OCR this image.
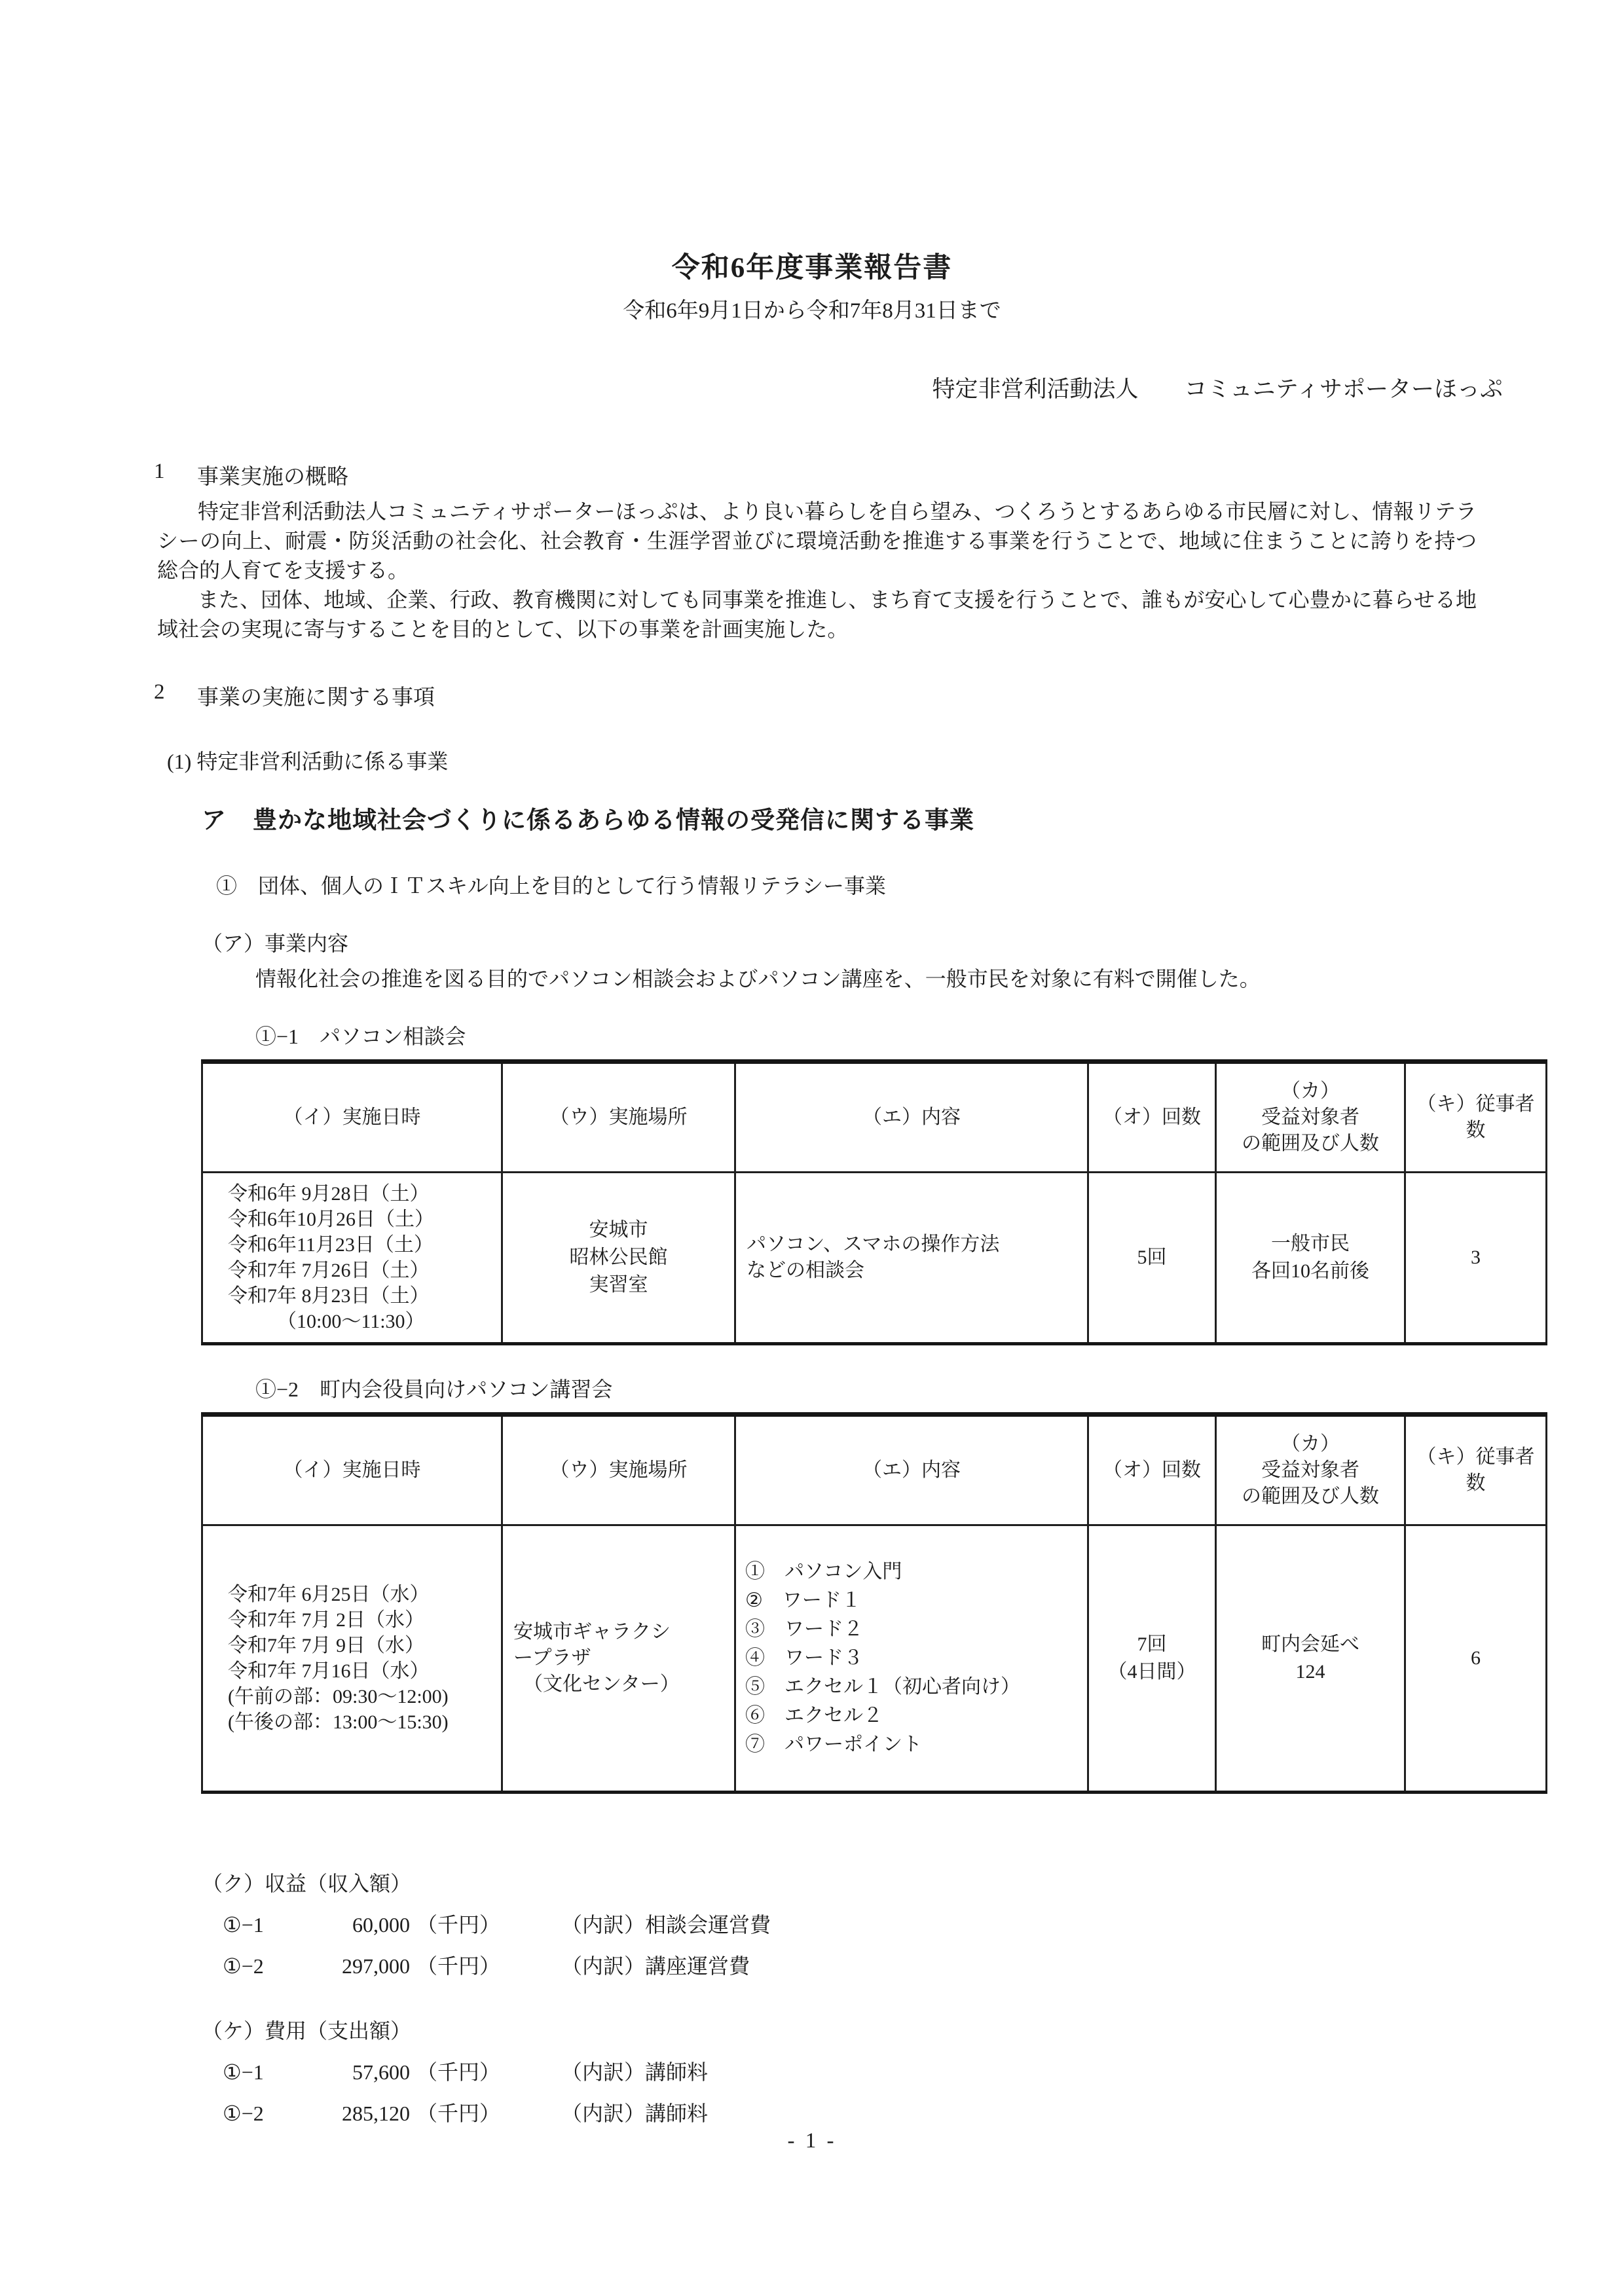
令和6年度事業報告書
令和6年9月1日から令和7年8月31日まで
特定非営利活動法人　　コミュニティサポーターほっぷ
1	事業実施の概略
特定非営利活動法人コミュニティサポーターほっぷは、より良い暮らしを自ら望み、つくろうとするあらゆる市民層に対し、情報リテラシーの向上、耐震・防災活動の社会化、社会教育・生涯学習並びに環境活動を推進する事業を行うことで、地域に住まうことに誇りを持つ総合的人育てを支援する。
また、団体、地域、企業、行政、教育機関に対しても同事業を推進し、まち育て支援を行うことで、誰もが安心して心豊かに暮らせる地域社会の実現に寄与することを目的として、以下の事業を計画実施した。
2	事業の実施に関する事項
(1) 特定非営利活動に係る事業
ア	豊かな地域社会づくりに係るあらゆる情報の受発信に関する事業
①　団体、個人のＩＴスキル向上を目的として行う情報リテラシー事業
（ア）事業内容
情報化社会の推進を図る目的でパソコン相談会およびパソコン講座を、一般市民を対象に有料で開催した。
①−1　パソコン相談会
（イ）実施日時	（ウ）実施場所	（エ）内容	（オ）回数	（カ）
受益対象者
の範囲及び人数	（キ）従事者数
令和6年 9月28日（土）
令和6年10月26日（土）
令和6年11月23日（土）
令和7年 7月26日（土）
令和7年 8月23日（土）
　　　（10:00～11:30）	安城市
昭林公民館
実習室	パソコン、スマホの操作方法
などの相談会	5回	一般市民
各回10名前後	3
①−2　町内会役員向けパソコン講習会
（イ）実施日時	（ウ）実施場所	（エ）内容	（オ）回数	（カ）
受益対象者
の範囲及び人数	（キ）従事者数
令和7年 6月25日（水）
令和7年 7月 2日（水）
令和7年 7月 9日（水）
令和7年 7月16日（水）
(午前の部：09:30～12:00)
(午後の部：13:00～15:30)	安城市ギャラクシ
ープラザ
　（文化センター）	①　パソコン入門
②　ワード１
③　ワード２
④　ワード３
⑤　エクセル１（初心者向け）
⑥　エクセル２
⑦　パワーポイント	7回
（4日間）	町内会延べ
124	6
（ク）収益（収入額）
①−1	60,000 （千円）	（内訳）相談会運営費
①−2	297,000 （千円）	（内訳）講座運営費
（ケ）費用（支出額）
①−1	57,600 （千円）	（内訳）講師料
①−2	285,120 （千円）	（内訳）講師料
- 1 -
